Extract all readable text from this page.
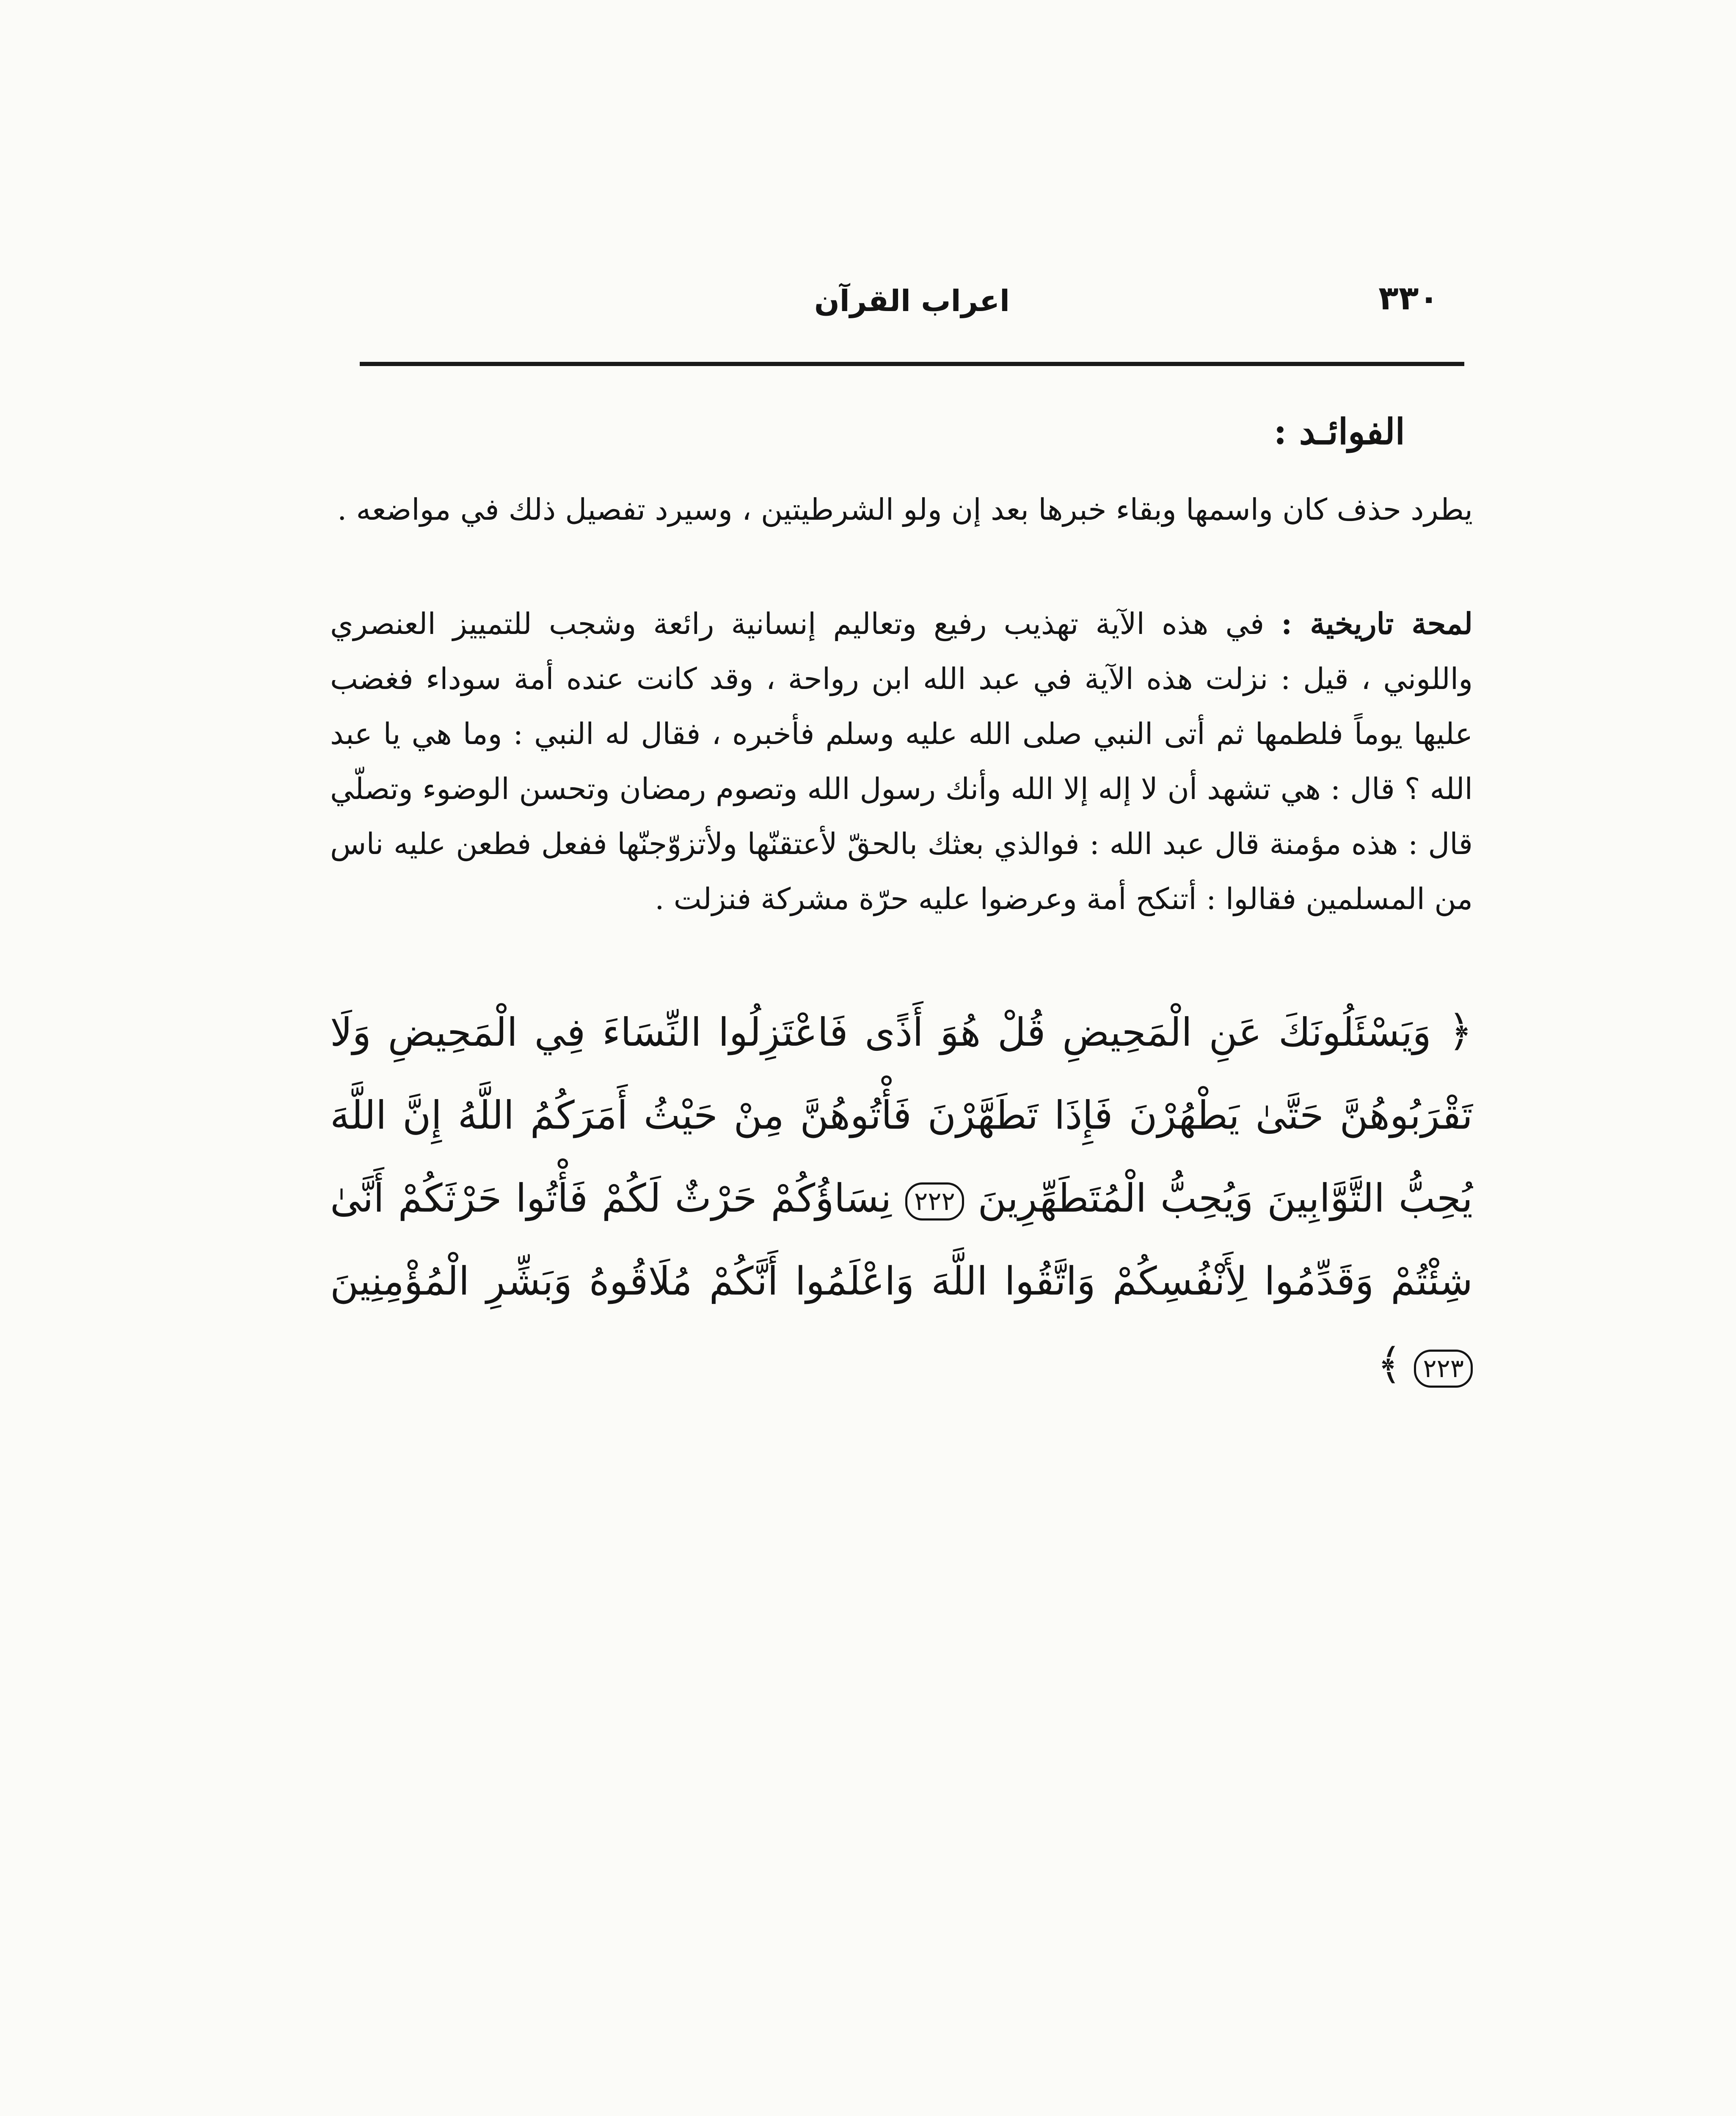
٣٣٠
اعراب القرآن
الفوائـد :

يطرد حذف كان واسمها وبقاء خبرها بعد إن ولو الشرطيتين ، وسيرد تفصيل ذلك في مواضعه .

لمحة تاريخية : في هذه الآية تهذيب رفيع وتعاليم إنسانية رائعة وشجب للتمييز العنصري واللوني ، قيل : نزلت هذه الآية في عبد الله ابن رواحة ، وقد كانت عنده أمة سوداء فغضب عليها يوماً فلطمها ثم أتى النبي صلى الله عليه وسلم فأخبره ، فقال له النبي : وما هي يا عبد الله ؟ قال : هي تشهد أن لا إله إلا الله وأنك رسول الله وتصوم رمضان وتحسن الوضوء وتصلّي قال : هذه مؤمنة قال عبد الله : فوالذي بعثك بالحقّ لأعتقنّها ولأتزوّجنّها ففعل فطعن عليه ناس من المسلمين فقالوا : أتنكح أمة وعرضوا عليه حرّة مشركة فنزلت .

﴿ وَيَسْئَلُونَكَ عَنِ الْمَحِيضِ قُلْ هُوَ أَذًى فَاعْتَزِلُوا النِّسَاءَ فِي الْمَحِيضِ وَلَا تَقْرَبُوهُنَّ حَتَّىٰ يَطْهُرْنَ فَإِذَا تَطَهَّرْنَ فَأْتُوهُنَّ مِنْ حَيْثُ أَمَرَكُمُ اللَّهُ إِنَّ اللَّهَ يُحِبُّ التَّوَّابِينَ وَيُحِبُّ الْمُتَطَهِّرِينَ ٢٢٢ نِسَاؤُكُمْ حَرْثٌ لَكُمْ فَأْتُوا حَرْثَكُمْ أَنَّىٰ شِئْتُمْ وَقَدِّمُوا لِأَنْفُسِكُمْ وَاتَّقُوا اللَّهَ وَاعْلَمُوا أَنَّكُمْ مُلَاقُوهُ وَبَشِّرِ الْمُؤْمِنِينَ ٢٢٣ ﴾
